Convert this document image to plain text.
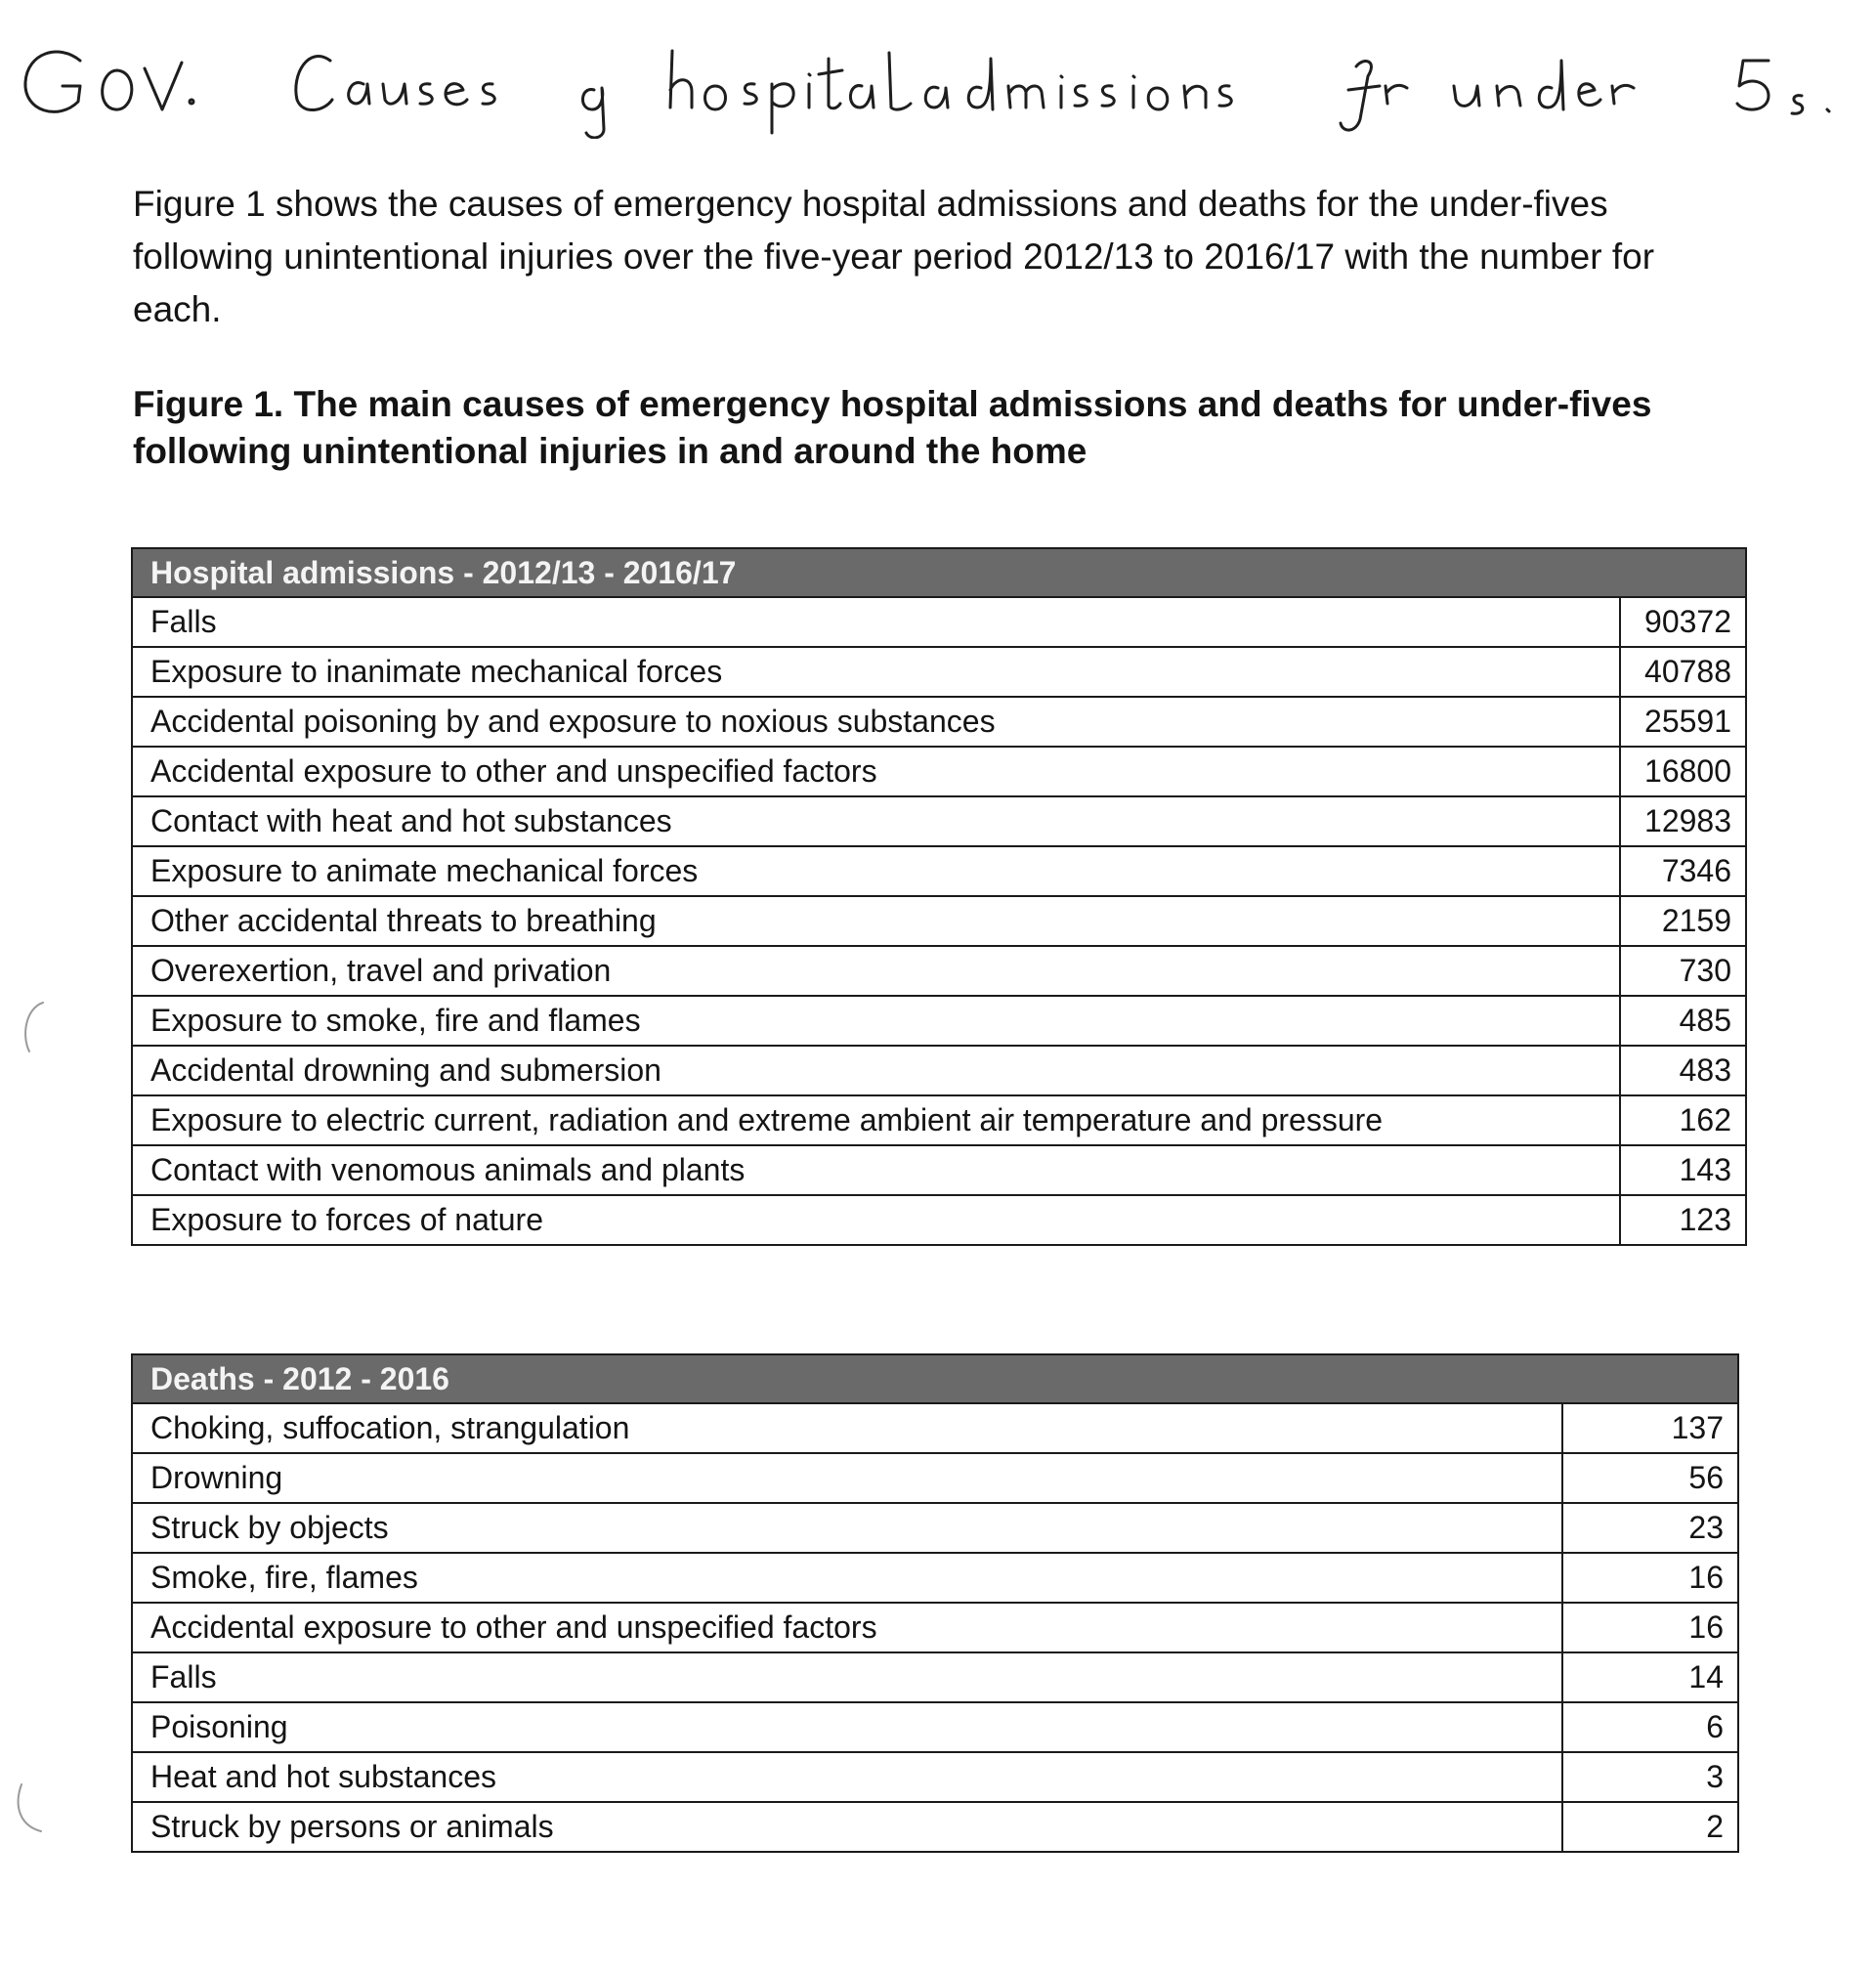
Figure 1 shows the causes of emergency hospital admissions and deaths for the under-fives following unintentional injuries over the five-year period 2012/13 to 2016/17 with the number for each.
Figure 1. The main causes of emergency hospital admissions and deaths for under-fives following unintentional injuries in and around the home
Hospital admissions - 2012/13 - 2016/17	
Falls	90372
Exposure to inanimate mechanical forces	40788
Accidental poisoning by and exposure to noxious substances	25591
Accidental exposure to other and unspecified factors	16800
Contact with heat and hot substances	12983
Exposure to animate mechanical forces	7346
Other accidental threats to breathing	2159
Overexertion, travel and privation	730
Exposure to smoke, fire and flames	485
Accidental drowning and submersion	483
Exposure to electric current, radiation and extreme ambient air temperature and pressure	162
Contact with venomous animals and plants	143
Exposure to forces of nature	123
Deaths - 2012 - 2016	
Choking, suffocation, strangulation	137
Drowning	56
Struck by objects	23
Smoke, fire, flames	16
Accidental exposure to other and unspecified factors	16
Falls	14
Poisoning	6
Heat and hot substances	3
Struck by persons or animals	2
